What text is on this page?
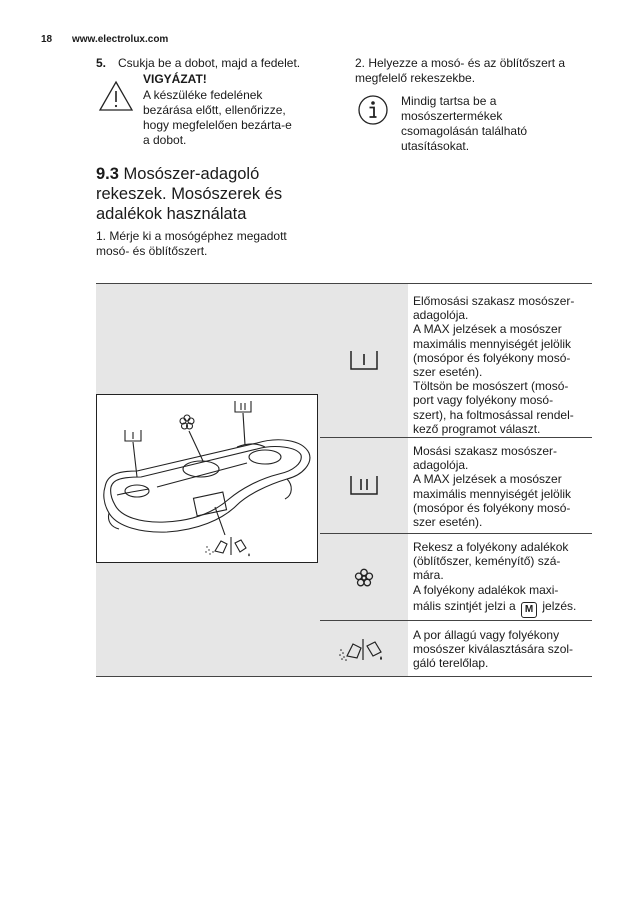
18 www.electrolux.com
5. Csukja be a dobot, majd a fedelet.
VIGYÁZAT!
A készüléke fedelének
bezárása előtt, ellenőrizze,
hogy megfelelően bezárta-e
a dobot.
9.3 Mosószer-adagoló
rekeszek. Mosószerek és
adalékok használata
1. Mérje ki a mosógéphez megadott
mosó- és öblítőszert.
2. Helyezze a mosó- és az öblítőszert a
megfelelő rekeszekbe.
Mindig tartsa be a
mosószertermékek
csomagolásán található
utasításokat.
Előmosási szakasz mosószer-
adagolója.
A MAX jelzések a mosószer
maximális mennyiségét jelölik
(mosópor és folyékony mosó-
szer esetén).
Töltsön be mosószert (mosó-
port vagy folyékony mosó-
szert), ha foltmosással rendel-
kező programot választ.
Mosási szakasz mosószer-
adagolója.
A MAX jelzések a mosószer
maximális mennyiségét jelölik
(mosópor és folyékony mosó-
szer esetén).
Rekesz a folyékony adalékok
(öblítőszer, keményítő) szá-
mára.
A folyékony adalékok maxi-
mális szintjét jelzi a M jelzés.
A por állagú vagy folyékony
mosószer kiválasztására szol-
gáló terelőlap.
